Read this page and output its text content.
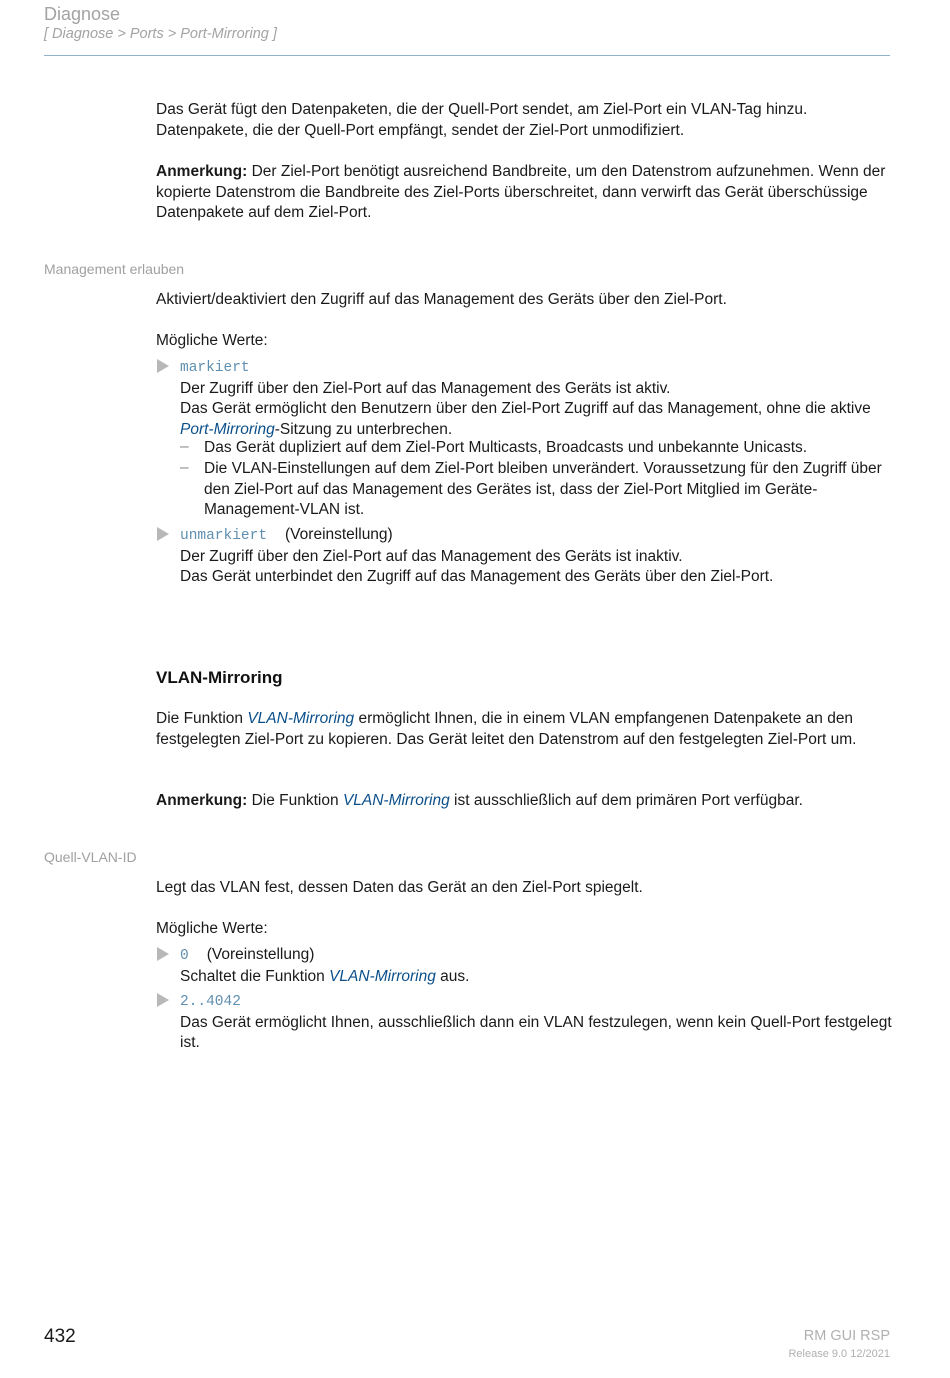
Diagnose
[ Diagnose > Ports > Port-Mirroring ]
Das Gerät fügt den Datenpaketen, die der Quell-Port sendet, am Ziel-Port ein VLAN-Tag hinzu.
Datenpakete, die der Quell-Port empfängt, sendet der Ziel-Port unmodifiziert.
Anmerkung: Der Ziel-Port benötigt ausreichend Bandbreite, um den Datenstrom aufzunehmen. Wenn der kopierte Datenstrom die Bandbreite des Ziel-Ports überschreitet, dann verwirft das Gerät überschüssige Datenpakete auf dem Ziel-Port.
Management erlauben
Aktiviert/deaktiviert den Zugriff auf das Management des Geräts über den Ziel-Port.
Mögliche Werte:
markiert
Der Zugriff über den Ziel-Port auf das Management des Geräts ist aktiv.
Das Gerät ermöglicht den Benutzern über den Ziel-Port Zugriff auf das Management, ohne die aktive Port-Mirroring-Sitzung zu unterbrechen.
– Das Gerät dupliziert auf dem Ziel-Port Multicasts, Broadcasts und unbekannte Unicasts.
– Die VLAN-Einstellungen auf dem Ziel-Port bleiben unverändert. Voraussetzung für den Zugriff über den Ziel-Port auf das Management des Gerätes ist, dass der Ziel-Port Mitglied im Geräte-Management-VLAN ist.
unmarkiert (Voreinstellung)
Der Zugriff über den Ziel-Port auf das Management des Geräts ist inaktiv.
Das Gerät unterbindet den Zugriff auf das Management des Geräts über den Ziel-Port.
VLAN-Mirroring
Die Funktion VLAN-Mirroring ermöglicht Ihnen, die in einem VLAN empfangenen Datenpakete an den festgelegten Ziel-Port zu kopieren. Das Gerät leitet den Datenstrom auf den festgelegten Ziel-Port um.
Anmerkung: Die Funktion VLAN-Mirroring ist ausschließlich auf dem primären Port verfügbar.
Quell-VLAN-ID
Legt das VLAN fest, dessen Daten das Gerät an den Ziel-Port spiegelt.
Mögliche Werte:
0 (Voreinstellung)
Schaltet die Funktion VLAN-Mirroring aus.
2..4042
Das Gerät ermöglicht Ihnen, ausschließlich dann ein VLAN festzulegen, wenn kein Quell-Port festgelegt ist.
432	RM GUI RSP
Release 9.0 12/2021
